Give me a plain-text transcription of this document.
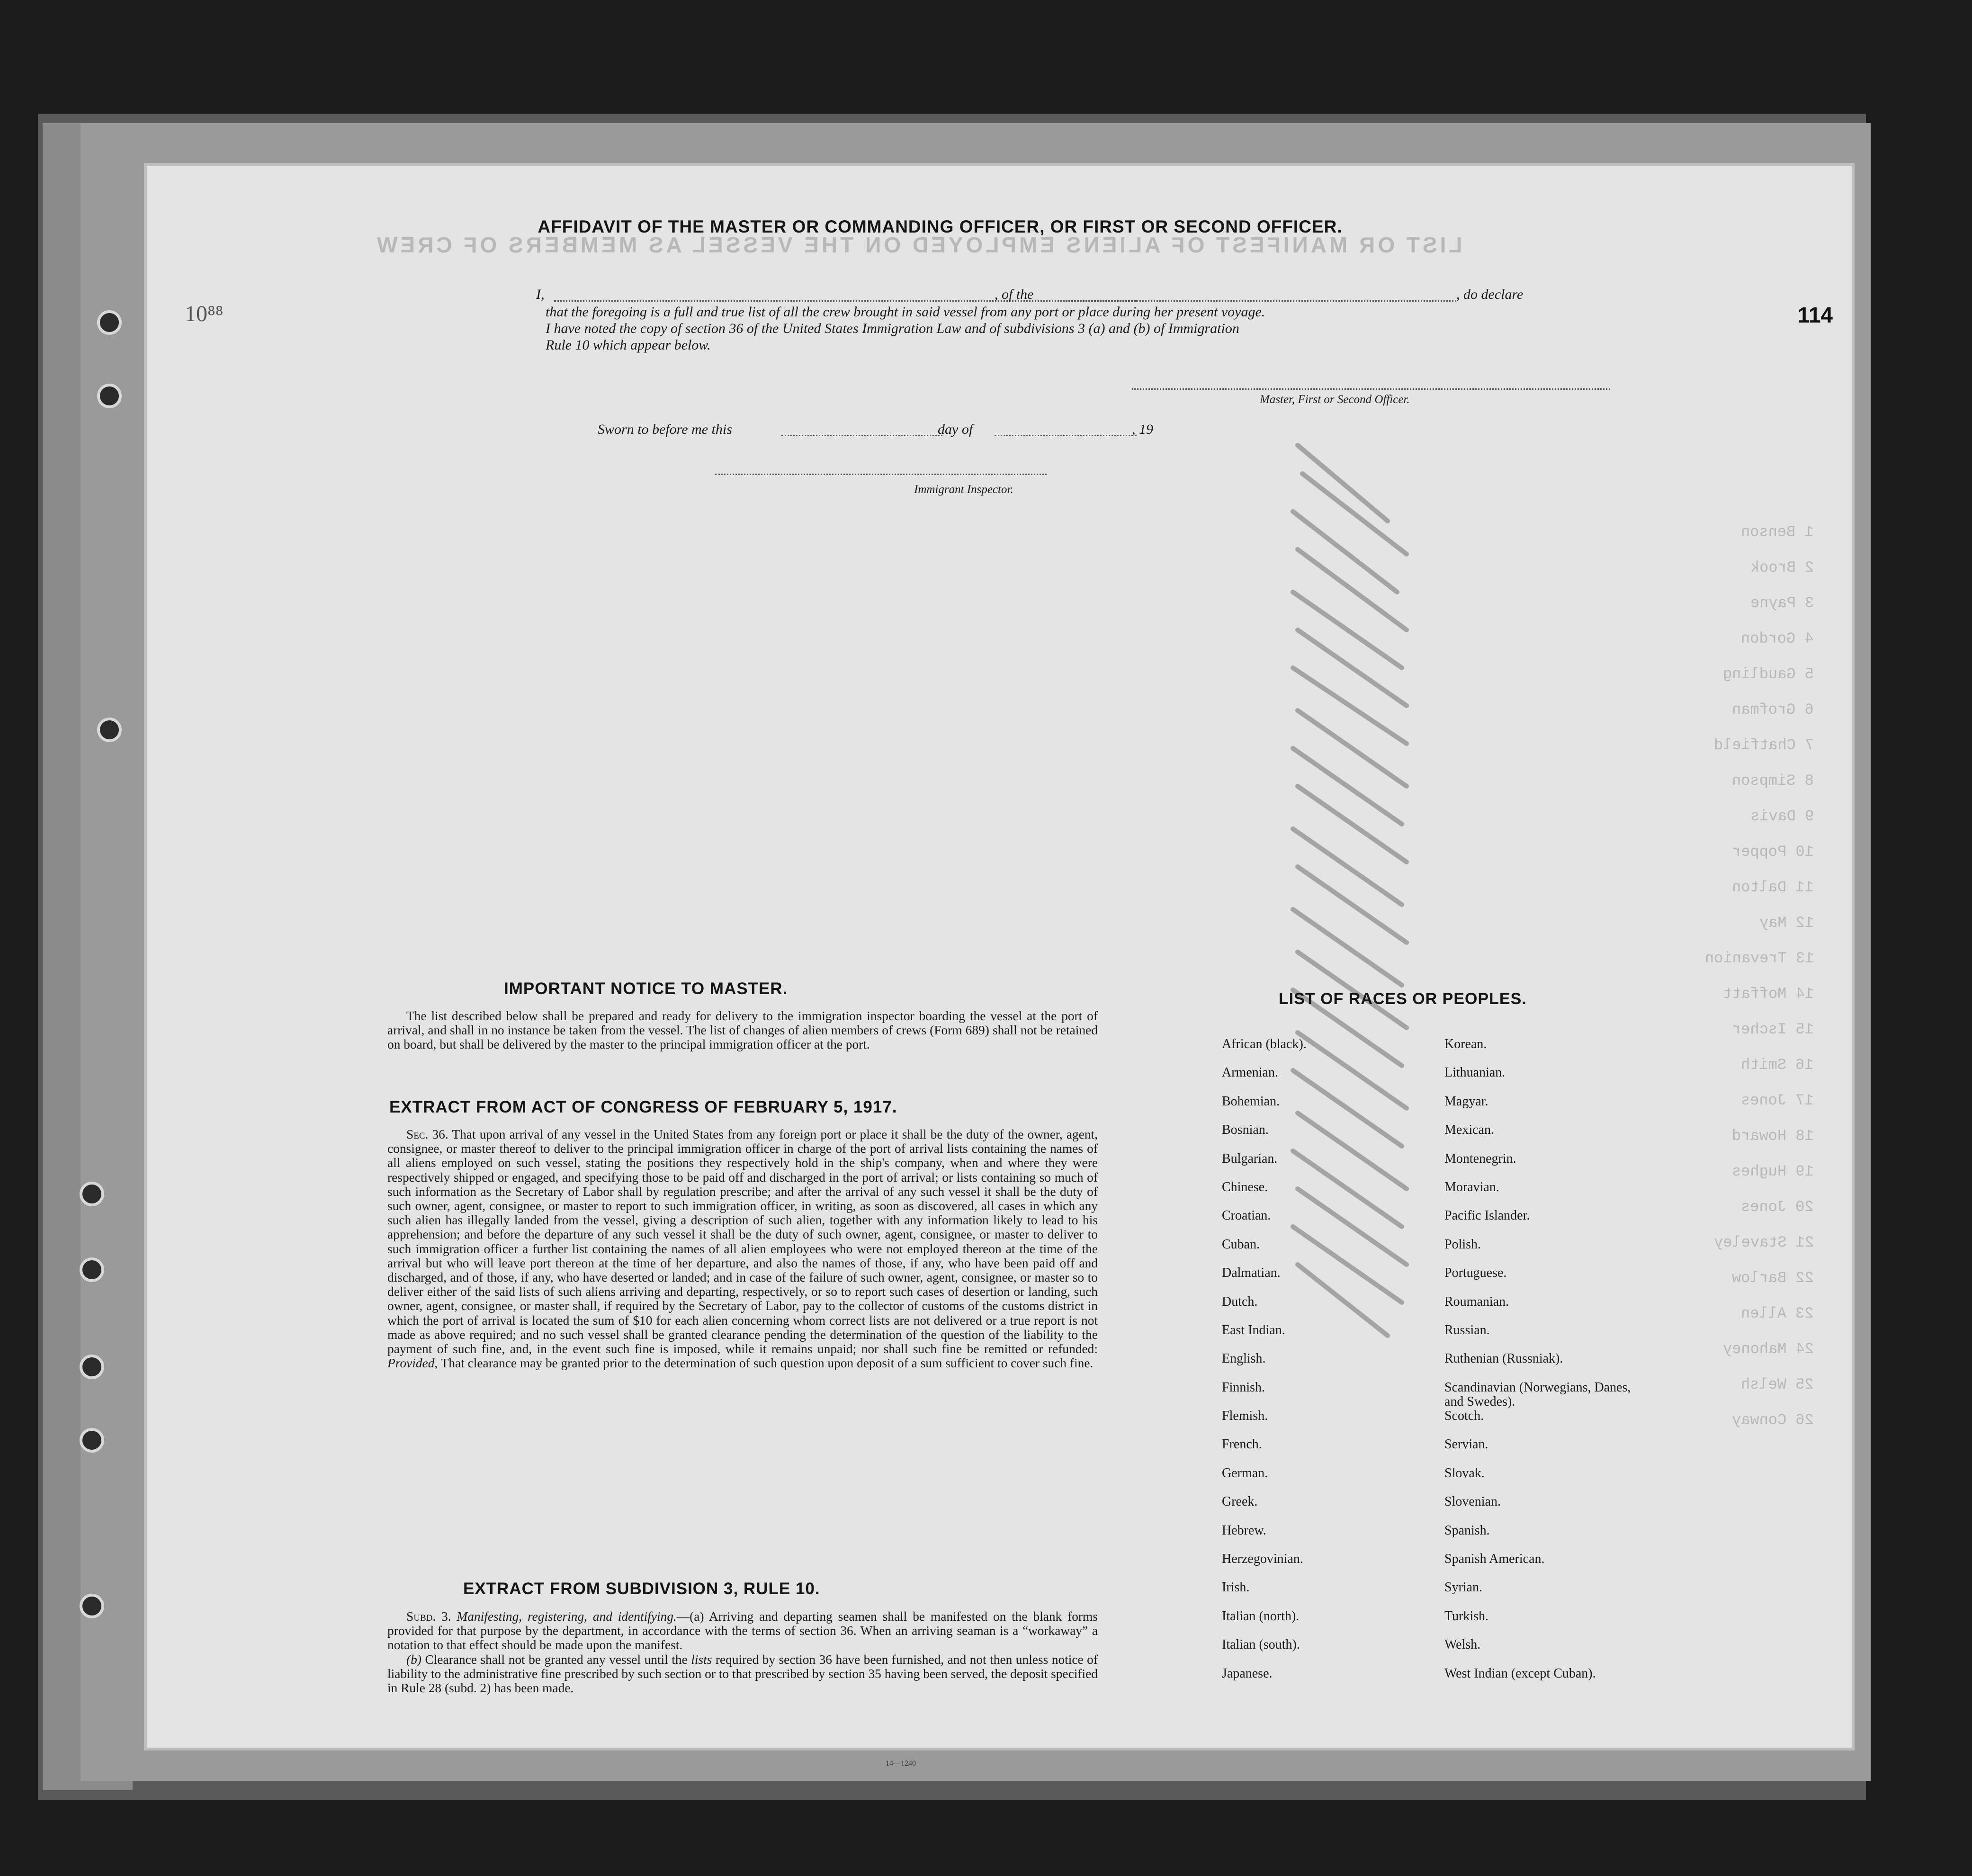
LIST OR MANIFEST OF ALIENS EMPLOYED ON THE VESSEL AS MEMBERS OF CREW
1 Benson
2 Brook
3 Payne
4 Gordon
5 Gaudling
6 Grofman
7 Chatfield
8 Simpson
9 Davis
10 Popper
11 Dalton
12 May
13 Trevanion
14 Moffatt
15 Ischer
16 Smith
17 Jones
18 Howard
19 Hughes
20 Jones
21 Staveley
22 Barlow
23 Allen
24 Mahoney
25 Welsh
26 Conway
AFFIDAVIT OF THE MASTER OR COMMANDING OFFICER, OR FIRST OR SECOND OFFICER.
10⁸⁸	114
I,	, of the	, do declare
that the foregoing is a full and true list of all the crew brought in said vessel from any port or place during her present voyage.
I have noted the copy of section 36 of the United States Immigration Law and of subdivisions 3 (a) and (b) of Immigration
Rule 10 which appear below.
Master, First or Second Officer.
Sworn to before me this	day of	, 19
Immigrant Inspector.
IMPORTANT NOTICE TO MASTER.

The list described below shall be prepared and ready for delivery to the immigration inspector boarding the vessel at the port of arrival, and shall in no instance be taken from the vessel. The list of changes of alien members of crews (Form 689) shall not be retained on board, but shall be delivered by the master to the principal immigration officer at the port.

EXTRACT FROM ACT OF CONGRESS OF FEBRUARY 5, 1917.

Sec. 36. That upon arrival of any vessel in the United States from any foreign port or place it shall be the duty of the owner, agent, consignee, or master thereof to deliver to the principal immigration officer in charge of the port of arrival lists containing the names of all aliens employed on such vessel, stating the positions they respectively hold in the ship's company, when and where they were respectively shipped or engaged, and specifying those to be paid off and discharged in the port of arrival; or lists containing so much of such information as the Secretary of Labor shall by regulation prescribe; and after the arrival of any such vessel it shall be the duty of such owner, agent, consignee, or master to report to such immigration officer, in writing, as soon as discovered, all cases in which any such alien has illegally landed from the vessel, giving a description of such alien, together with any information likely to lead to his apprehension; and before the departure of any such vessel it shall be the duty of such owner, agent, consignee, or master to deliver to such immigration officer a further list containing the names of all alien employees who were not employed thereon at the time of the arrival but who will leave port thereon at the time of her departure, and also the names of those, if any, who have been paid off and discharged, and of those, if any, who have deserted or landed; and in case of the failure of such owner, agent, consignee, or master so to deliver either of the said lists of such aliens arriving and departing, respectively, or so to report such cases of desertion or landing, such owner, agent, consignee, or master shall, if required by the Secretary of Labor, pay to the collector of customs of the customs district in which the port of arrival is located the sum of $10 for each alien concerning whom correct lists are not delivered or a true report is not made as above required; and no such vessel shall be granted clearance pending the determination of the question of the liability to the payment of such fine, and, in the event such fine is imposed, while it remains unpaid; nor shall such fine be remitted or refunded: Provided, That clearance may be granted prior to the determination of such question upon deposit of a sum sufficient to cover such fine.

EXTRACT FROM SUBDIVISION 3, RULE 10.

Subd. 3. Manifesting, registering, and identifying.—(a) Arriving and departing seamen shall be manifested on the blank forms provided for that purpose by the department, in accordance with the terms of section 36. When an arriving seaman is a “workaway” a notation to that effect should be made upon the manifest.

(b) Clearance shall not be granted any vessel until the lists required by section 36 have been furnished, and not then unless notice of liability to the administrative fine prescribed by such section or to that prescribed by section 35 having been served, the deposit specified in Rule 28 (subd. 2) has been made.

14—1240
LIST OF RACES OR PEOPLES.
African (black).	Korean.
Armenian.	Lithuanian.
Bohemian.	Magyar.
Bosnian.	Mexican.
Bulgarian.	Montenegrin.
Chinese.	Moravian.
Croatian.	Pacific Islander.
Cuban.	Polish.
Dalmatian.	Portuguese.
Dutch.	Roumanian.
East Indian.	Russian.
English.	Ruthenian (Russniak).
Finnish.	Scandinavian (Norwegians, Danes, and Swedes).
Flemish.	Scotch.
French.	Servian.
German.	Slovak.
Greek.	Slovenian.
Hebrew.	Spanish.
Herzegovinian.	Spanish American.
Irish.	Syrian.
Italian (north).	Turkish.
Italian (south).	Welsh.
Japanese.	West Indian (except Cuban).
